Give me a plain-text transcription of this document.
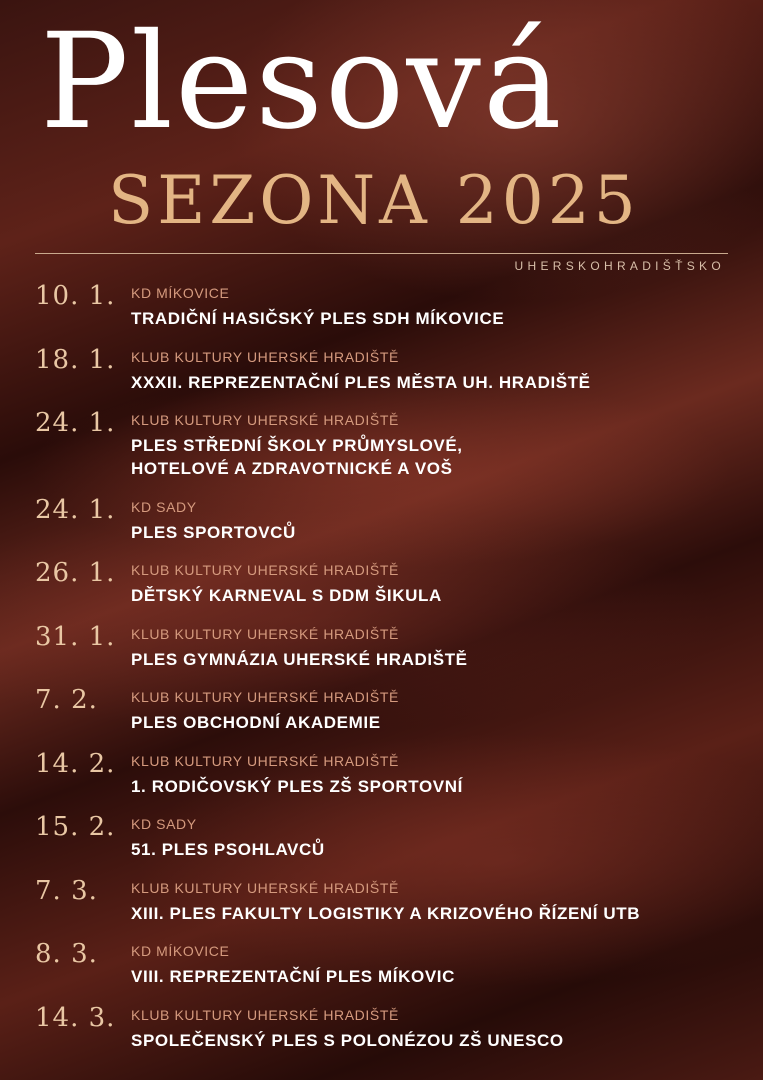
Plesová
SEZONA 2025
UHERSKOHRADIŠŤSKO
10. 1. KD MÍKOVICE
TRADIČNÍ HASIČSKÝ PLES SDH MÍKOVICE
18. 1. KLUB KULTURY UHERSKÉ HRADIŠTĚ
XXXII. REPREZENTAČNÍ PLES MĚSTA UH. HRADIŠTĚ
24. 1. KLUB KULTURY UHERSKÉ HRADIŠTĚ
PLES STŘEDNÍ ŠKOLY PRŮMYSLOVÉ,
HOTELOVÉ A ZDRAVOTNICKÉ A VOŠ
24. 1. KD SADY
PLES SPORTOVCŮ
26. 1. KLUB KULTURY UHERSKÉ HRADIŠTĚ
DĚTSKÝ KARNEVAL S DDM ŠIKULA
31. 1. KLUB KULTURY UHERSKÉ HRADIŠTĚ
PLES GYMNÁZIA UHERSKÉ HRADIŠTĚ
7. 2. KLUB KULTURY UHERSKÉ HRADIŠTĚ
PLES OBCHODNÍ AKADEMIE
14. 2. KLUB KULTURY UHERSKÉ HRADIŠTĚ
1. RODIČOVSKÝ PLES ZŠ SPORTOVNÍ
15. 2. KD SADY
51. PLES PSOHLAVCŮ
7. 3. KLUB KULTURY UHERSKÉ HRADIŠTĚ
XIII. PLES FAKULTY LOGISTIKY A KRIZOVÉHO ŘÍZENÍ UTB
8. 3. KD MÍKOVICE
VIII. REPREZENTAČNÍ PLES MÍKOVIC
14. 3. KLUB KULTURY UHERSKÉ HRADIŠTĚ
SPOLEČENSKÝ PLES S POLONÉZOU ZŠ UNESCO
